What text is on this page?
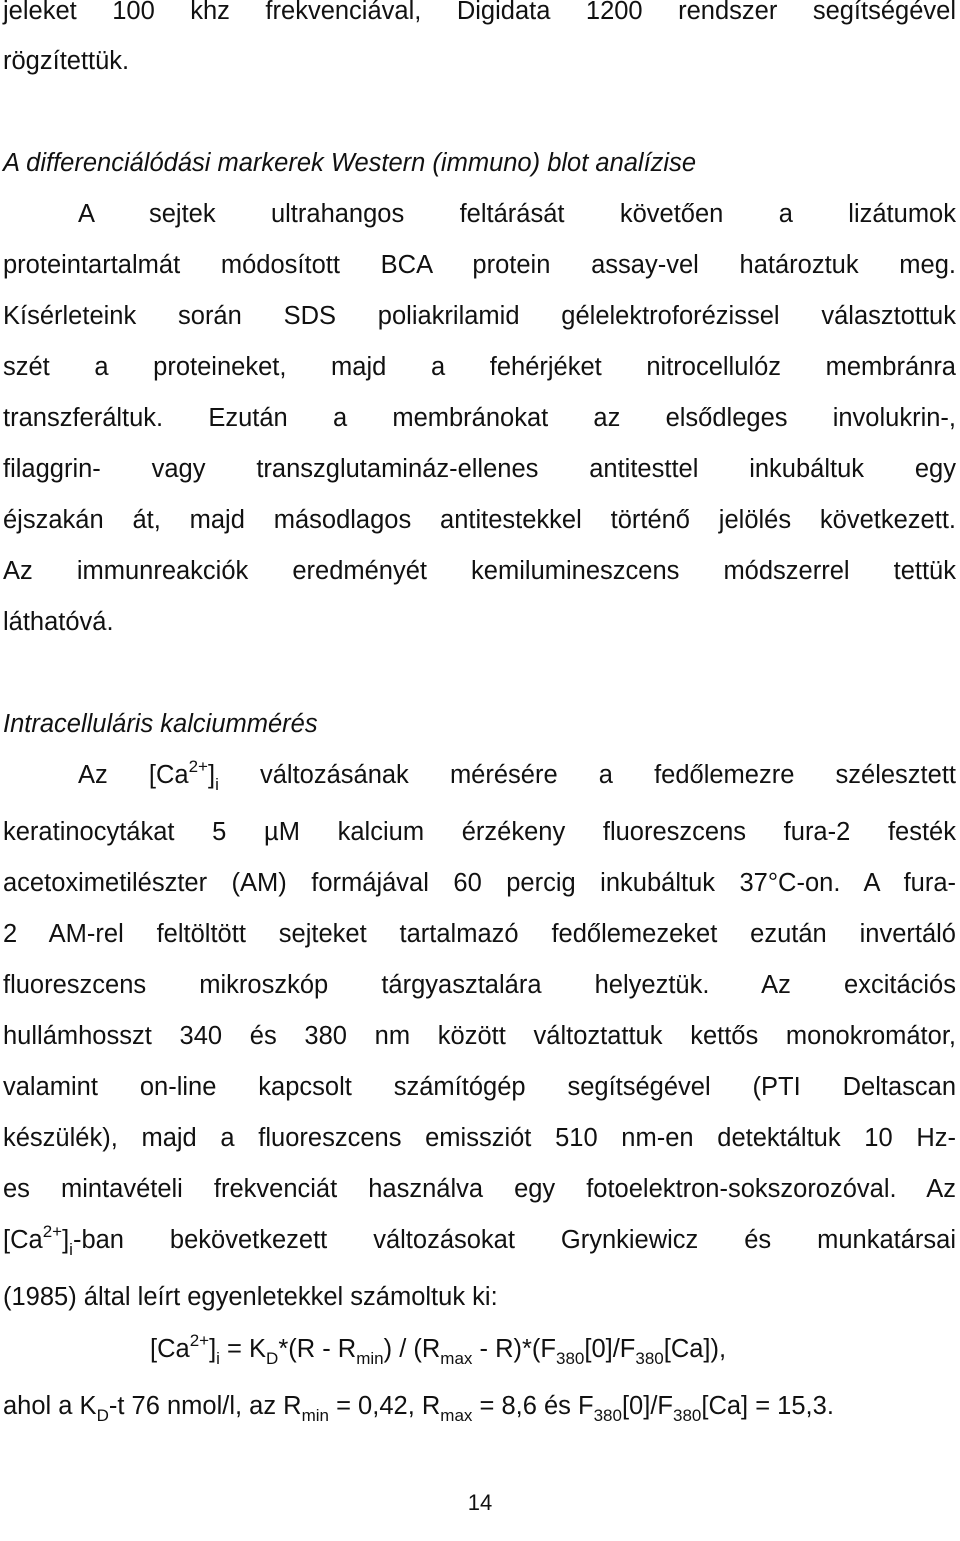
jeleket 100 khz frekvenciával, Digidata 1200 rendszer segítségével
rögzítettük.
A differenciálódási markerek Western (immuno) blot analízise
A sejtek ultrahangos feltárását követően a lizátumok
proteintartalmát módosított BCA protein assay-vel határoztuk meg.
Kísérleteink során SDS poliakrilamid gélelektroforézissel választottuk
szét a proteineket, majd a fehérjéket nitrocellulóz membránra
transzferáltuk. Ezután a membránokat az elsődleges involukrin-,
filaggrin- vagy transzglutamináz-ellenes antitesttel inkubáltuk egy
éjszakán át, majd másodlagos antitestekkel történő jelölés következett.
Az immunreakciók eredményét kemilumineszcens módszerrel tettük
láthatóvá.
Intracelluláris kalciummérés
Az $[Ca^{2+}]_i$ változásának mérésére a fedőlemezre szélesztett
keratinocytákat 5 µM kalcium érzékeny fluoreszcens fura-2 festék
acetoximetilészter (AM) formájával 60 percig inkubáltuk 37°C-on. A fura-
2 AM-rel feltöltött sejteket tartalmazó fedőlemezeket ezután invertáló
fluoreszcens mikroszkóp tárgyasztalára helyeztük. Az excitációs
hullámhosszt 340 és 380 nm között változtattuk kettős monokromátor,
valamint on-line kapcsolt számítógép segítségével (PTI Deltascan
készülék), majd a fluoreszcens emissziót 510 nm-en detektáltuk 10 Hz-
es mintavételi frekvenciát használva egy fotoelektron-sokszorozóval. Az
$[Ca^{2+}]_i$-ban bekövetkezett változásokat Grynkiewicz és munkatársai
(1985) által leírt egyenletekkel számoltuk ki:
$[Ca^{2+}]_i = K_D*(R - R_{min}) / (R_{max} - R)*(F_{380}[0]/F_{380}[Ca])$,
ahol a $K_D-t$ 76 nmol/l, az $R_{min} = 0,42$, $R_{max} = 8,6$ és $F_{380}[0]/F_{380}[Ca] = 15,3$.
14
